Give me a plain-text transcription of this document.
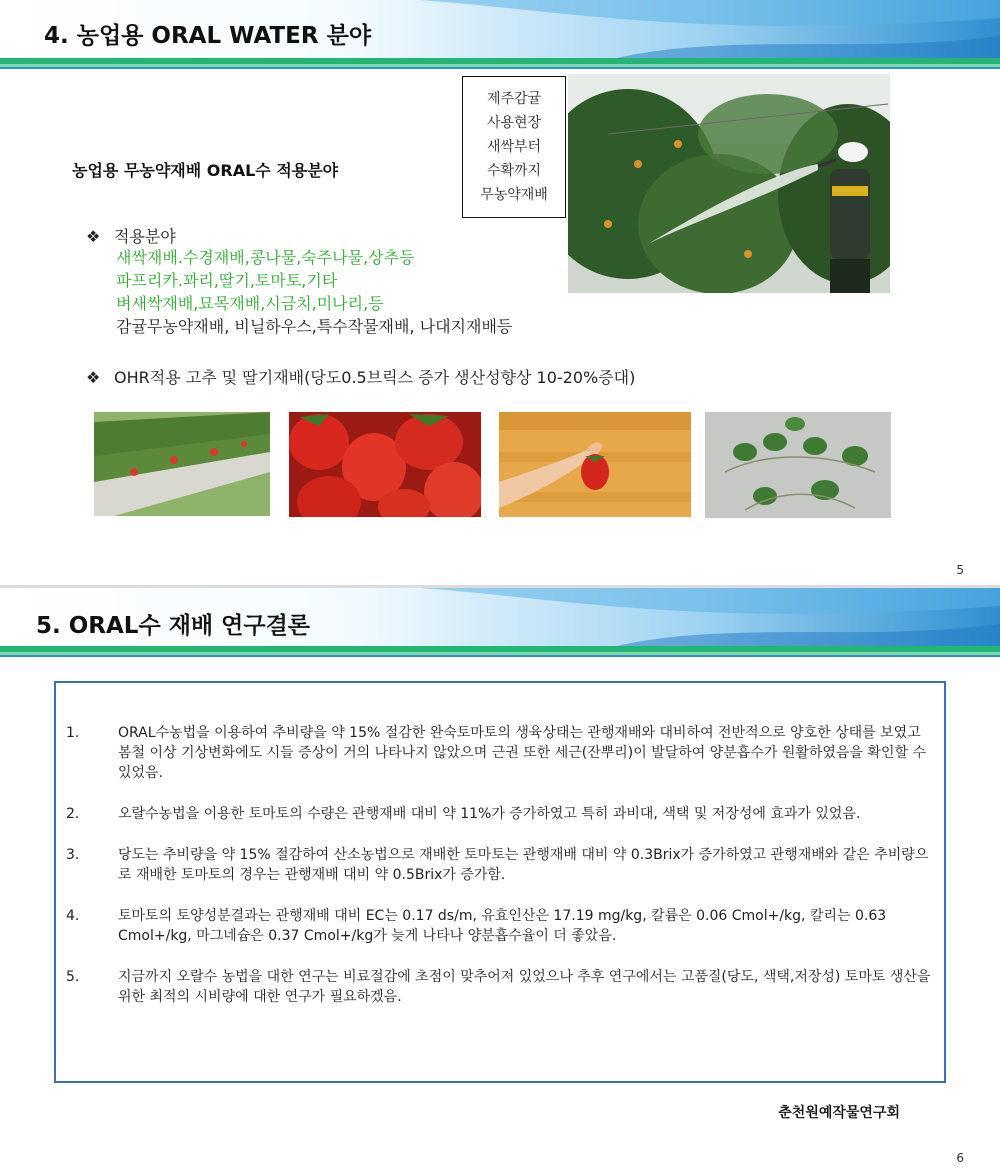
4. 농업용 ORAL WATER 분야
농업용 무농약재배 ORAL수 적용분야
제주감귤
사용현장
새싹부터
수확까지
무농약재배
❖ 적용분야
새싹재배.수경재배,콩나물,숙주나물,상추등
파프리카.꽈리,딸기,토마토,기타
벼새싹재배,묘목재배,시금치,미나리,등
감귤무농약재배, 비닐하우스,특수작물재배, 나대지재배등
❖ OHR적용 고추 및 딸기재배(당도0.5브릭스 증가 생산성향상 10-20%증대)
5
5. ORAL수 재배 연구결론
1.	ORAL수농법을 이용하여 추비량을 약 15% 절감한 완숙토마토의 생육상태는 관행재배와 대비하여 전반적으로 양호한 상태를 보였고 봄철 이상 기상변화에도 시들 증상이 거의 나타나지 않았으며 근권 또한 세근(잔뿌리)이 발달하여 양분흡수가 원활하였음을 확인할 수 있었음.
2.	오랄수농법을 이용한 토마토의 수량은 관행재배 대비 약 11%가 증가하였고 특히 과비대, 색택 및 저장성에 효과가 있었음.
3.	당도는 추비량을 약 15% 절감하여 산소농법으로 재배한 토마토는 관행재배 대비 약 0.3Brix가 증가하였고 관행재배와 같은 추비량으로 재배한 토마토의 경우는 관행재배 대비 약 0.5Brix가 증가함.
4.	토마토의 토양성분결과는 관행재배 대비 EC는 0.17 ds/m, 유효인산은 17.19 mg/kg, 칼륨은 0.06 Cmol+/kg, 칼리는 0.63 Cmol+/kg, 마그네슘은 0.37 Cmol+/kg가 늦게 나타나 양분흡수율이 더 좋았음.
5.	지금까지 오랄수 농법을 대한 연구는 비료절감에 초점이 맞추어져 있었으나 추후 연구에서는 고품질(당도, 색택,저장성) 토마토 생산을 위한 최적의 시비량에 대한 연구가 필요하겠음.
춘천원예작물연구회
6
